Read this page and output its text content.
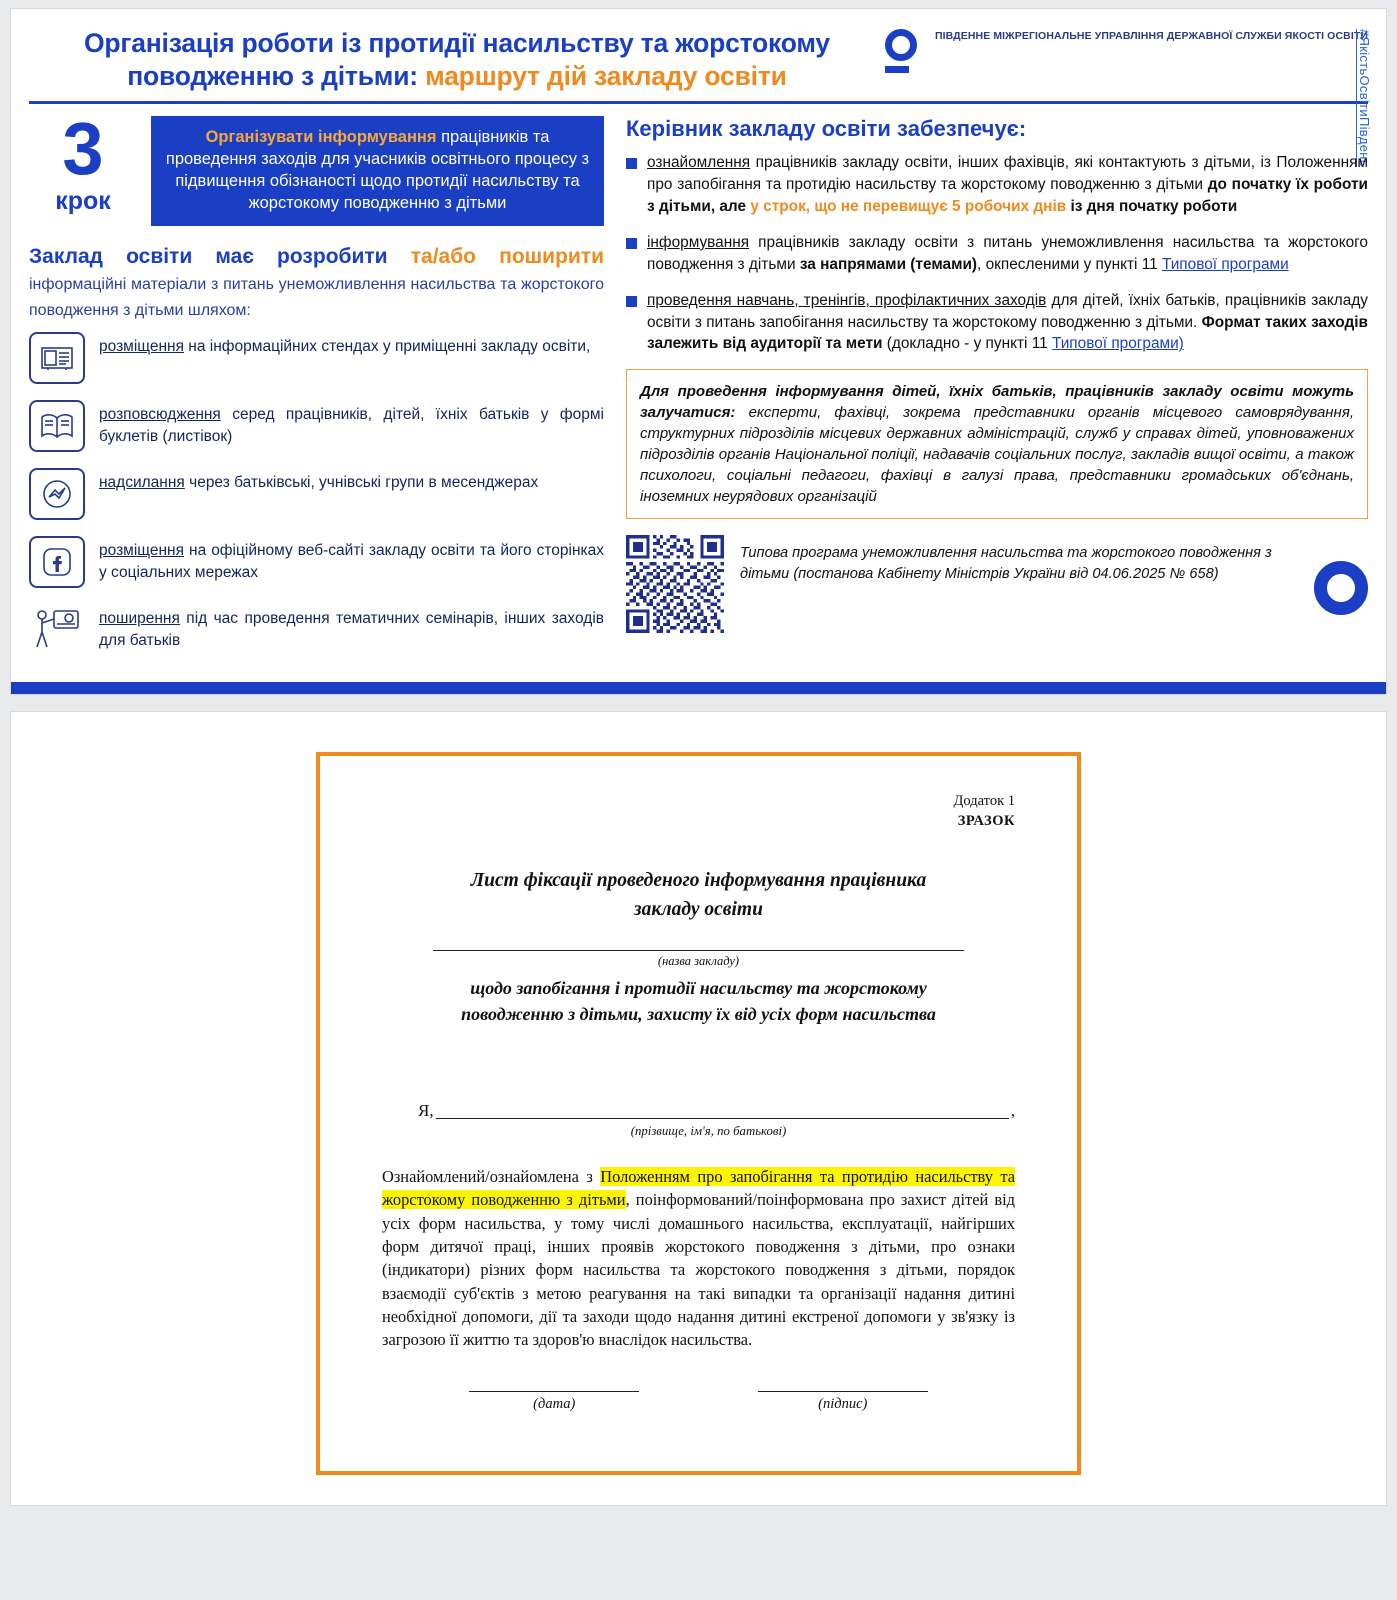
#ЯкістьОсвітиПівдень
Організація роботи із протидії насильству та жорстокому
поводженню з дітьми: маршрут дій закладу освіти
ПІВДЕННЕ МІЖРЕГІОНАЛЬНЕ УПРАВЛІННЯ ДЕРЖАВНОЇ СЛУЖБИ ЯКОСТІ ОСВІТИ
3
крок
Організувати інформування працівників та проведення заходів для учасників освітнього процесу з підвищення обізнаності щодо протидії насильству та жорстокому поводженню з дітьми
Заклад освіти має розробити та/або поширити інформаційні матеріали з питань унеможливлення насильства та жорстокого поводження з дітьми шляхом:
розміщення на інформаційних стендах у приміщенні закладу освіти,
розповсюдження серед працівників, дітей, їхніх батьків у формі буклетів (листівок)
надсилання через батьківські, учнівські групи в месенджерах
розміщення на офіційному веб-сайті закладу освіти та його сторінках у соціальних мережах
поширення під час проведення тематичних семінарів, інших заходів для батьків
Керівник закладу освіти забезпечує:
ознайомлення працівників закладу освіти, інших фахівців, які контактують з дітьми, із Положенням про запобігання та протидію насильству та жорстокому поводженню з дітьми до початку їх роботи з дітьми, але у строк, що не перевищує 5 робочих днів із дня початку роботи
інформування працівників закладу освіти з питань унеможливлення насильства та жорстокого поводження з дітьми за напрямами (темами), окпесленими у пункті 11 Типової програми
проведення навчань, тренінгів, профілактичних заходів для дітей, їхніх батьків, працівників закладу освіти з питань запобігання насильству та жорстокому поводженню з дітьми. Формат таких заходів залежить від аудиторії та мети (докладно - у пункті 11 Типової програми)
Для проведення інформування дітей, їхніх батьків, працівників закладу освіти можуть залучатися: експерти, фахівці, зокрема представники органів місцевого самоврядування, структурних підрозділів місцевих державних адміністрацій, служб у справах дітей, уповноважених підрозділів органів Національної поліції, надавачів соціальних послуг, закладів вищої освіти, а також психологи, соціальні педагоги, фахівці в галузі права, представники громадських об'єднань, іноземних неурядових організацій
Типова програма унеможливлення насильства та жорстокого поводження з дітьми (постанова Кабінету Міністрів України від 04.06.2025 № 658)
Додаток 1
ЗРАЗОК
Лист фіксації проведеного інформування працівника
закладу освіти
(назва закладу)
щодо запобігання і протидії насильству та жорстокому
поводженню з дітьми, захисту їх від усіх форм насильства
Я,	,
(прізвище, ім'я, по батькові)
Ознайомлений/ознайомлена з Положенням про запобігання та протидію насильству та жорстокому поводженню з дітьми, поінформований/поінформована про захист дітей від усіх форм насильства, у тому числі домашнього насильства, експлуатації, найгірших форм дитячої праці, інших проявів жорстокого поводження з дітьми, про ознаки (індикатори) різних форм насильства та жорстокого поводження з дітьми, порядок взаємодії суб'єктів з метою реагування на такі випадки та організації надання дитині необхідної допомоги, дії та заходи щодо надання дитині екстреної допомоги у зв'язку із загрозою її життю та здоров'ю внаслідок насильства.
(дата)	(підпис)
